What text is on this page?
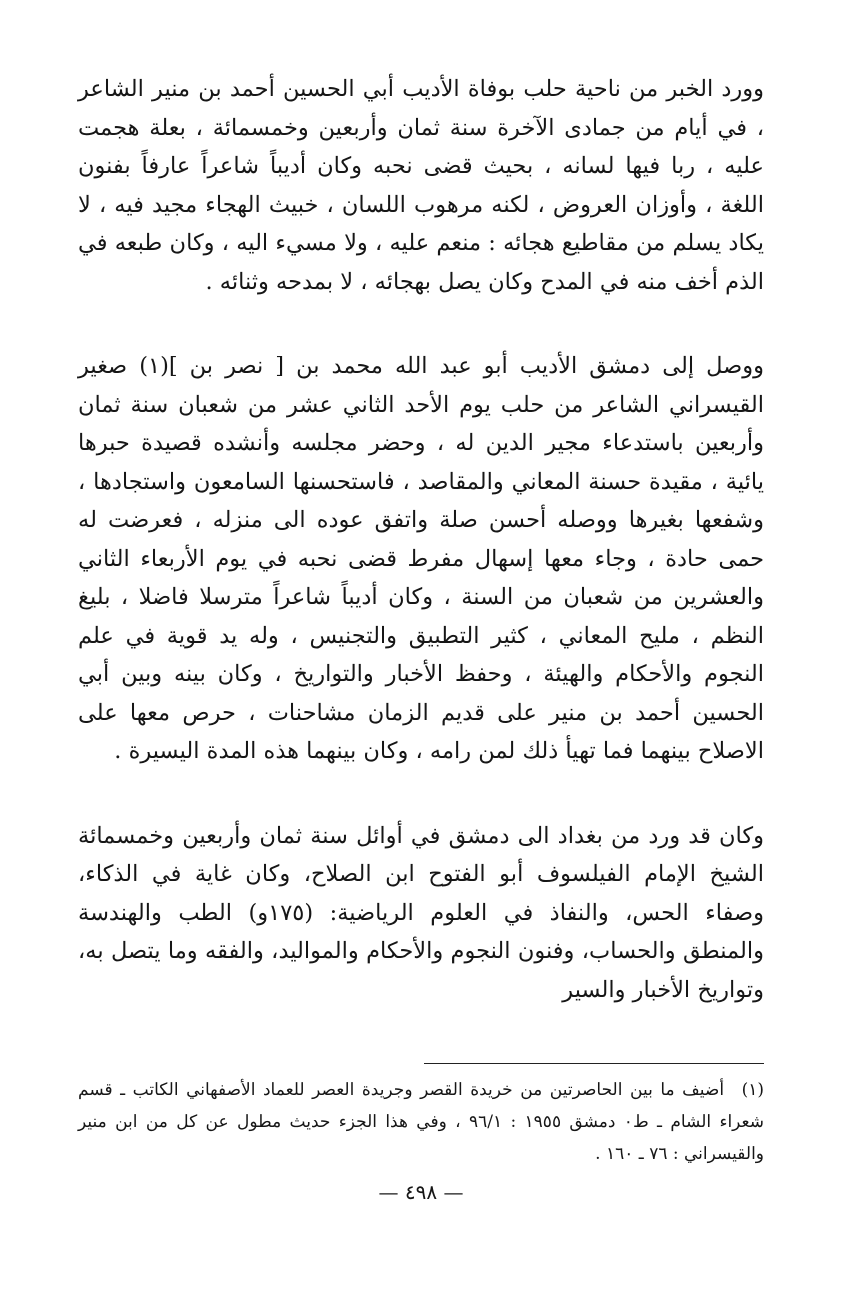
وورد الخبر من ناحية حلب بوفاة الأديب أبي الحسين أحمد بن منير الشاعر ، في أيام من جمادى الآخرة سنة ثمان وأربعين وخمسمائة ، بعلة هجمت عليه ، ربا فيها لسانه ، بحيث قضى نحبه وكان أديباً شاعراً عارفاً بفنون اللغة ، وأوزان العروض ، لكنه مرهوب اللسان ، خبيث الهجاء مجيد فيه ، لا يكاد يسلم من مقاطيع هجائه : منعم عليه ، ولا مسيء اليه ، وكان طبعه في الذم أخف منه في المدح وكان يصل بهجائه ، لا بمدحه وثنائه .

ووصل إلى دمشق الأديب أبو عبد الله محمد بن [ نصر بن ](١) صغير القيسراني الشاعر من حلب يوم الأحد الثاني عشر من شعبان سنة ثمان وأربعين باستدعاء مجير الدين له ، وحضر مجلسه وأنشده قصيدة حبرها يائية ، مقيدة حسنة المعاني والمقاصد ، فاستحسنها السامعون واستجادها ، وشفعها بغيرها ووصله أحسن صلة واتفق عوده الى منزله ، فعرضت له حمى حادة ، وجاء معها إسهال مفرط قضى نحبه في يوم الأربعاء الثاني والعشرين من شعبان من السنة ، وكان أديباً شاعراً مترسلا فاضلا ، بليغ النظم ، مليح المعاني ، كثير التطبيق والتجنيس ، وله يد قوية في علم النجوم والأحكام والهيئة ، وحفظ الأخبار والتواريخ ، وكان بينه وبين أبي الحسين أحمد بن منير على قديم الزمان مشاحنات ، حرص معها على الاصلاح بينهما فما تهيأ ذلك لمن رامه ، وكان بينهما هذه المدة اليسيرة .

وكان قد ورد من بغداد الى دمشق في أوائل سنة ثمان وأربعين وخمسمائة الشيخ الإمام الفيلسوف أبو الفتوح ابن الصلاح، وكان غاية في الذكاء، وصفاء الحس، والنفاذ في العلوم الرياضية: (١٧٥و) الطب والهندسة والمنطق والحساب، وفنون النجوم والأحكام والمواليد، والفقه وما يتصل به، وتواريخ الأخبار والسير

(١) أضيف ما بين الحاصرتين من خريدة القصر وجريدة العصر للعماد الأصفهاني الكاتب ـ قسم شعراء الشام ـ ط٠ دمشق ١٩٥٥ : ٩٦/١ ، وفي هذا الجزء حديث مطول عن كل من ابن منير والقيسراني : ٧٦ ـ ١٦٠ .

— ٤٩٨ —
